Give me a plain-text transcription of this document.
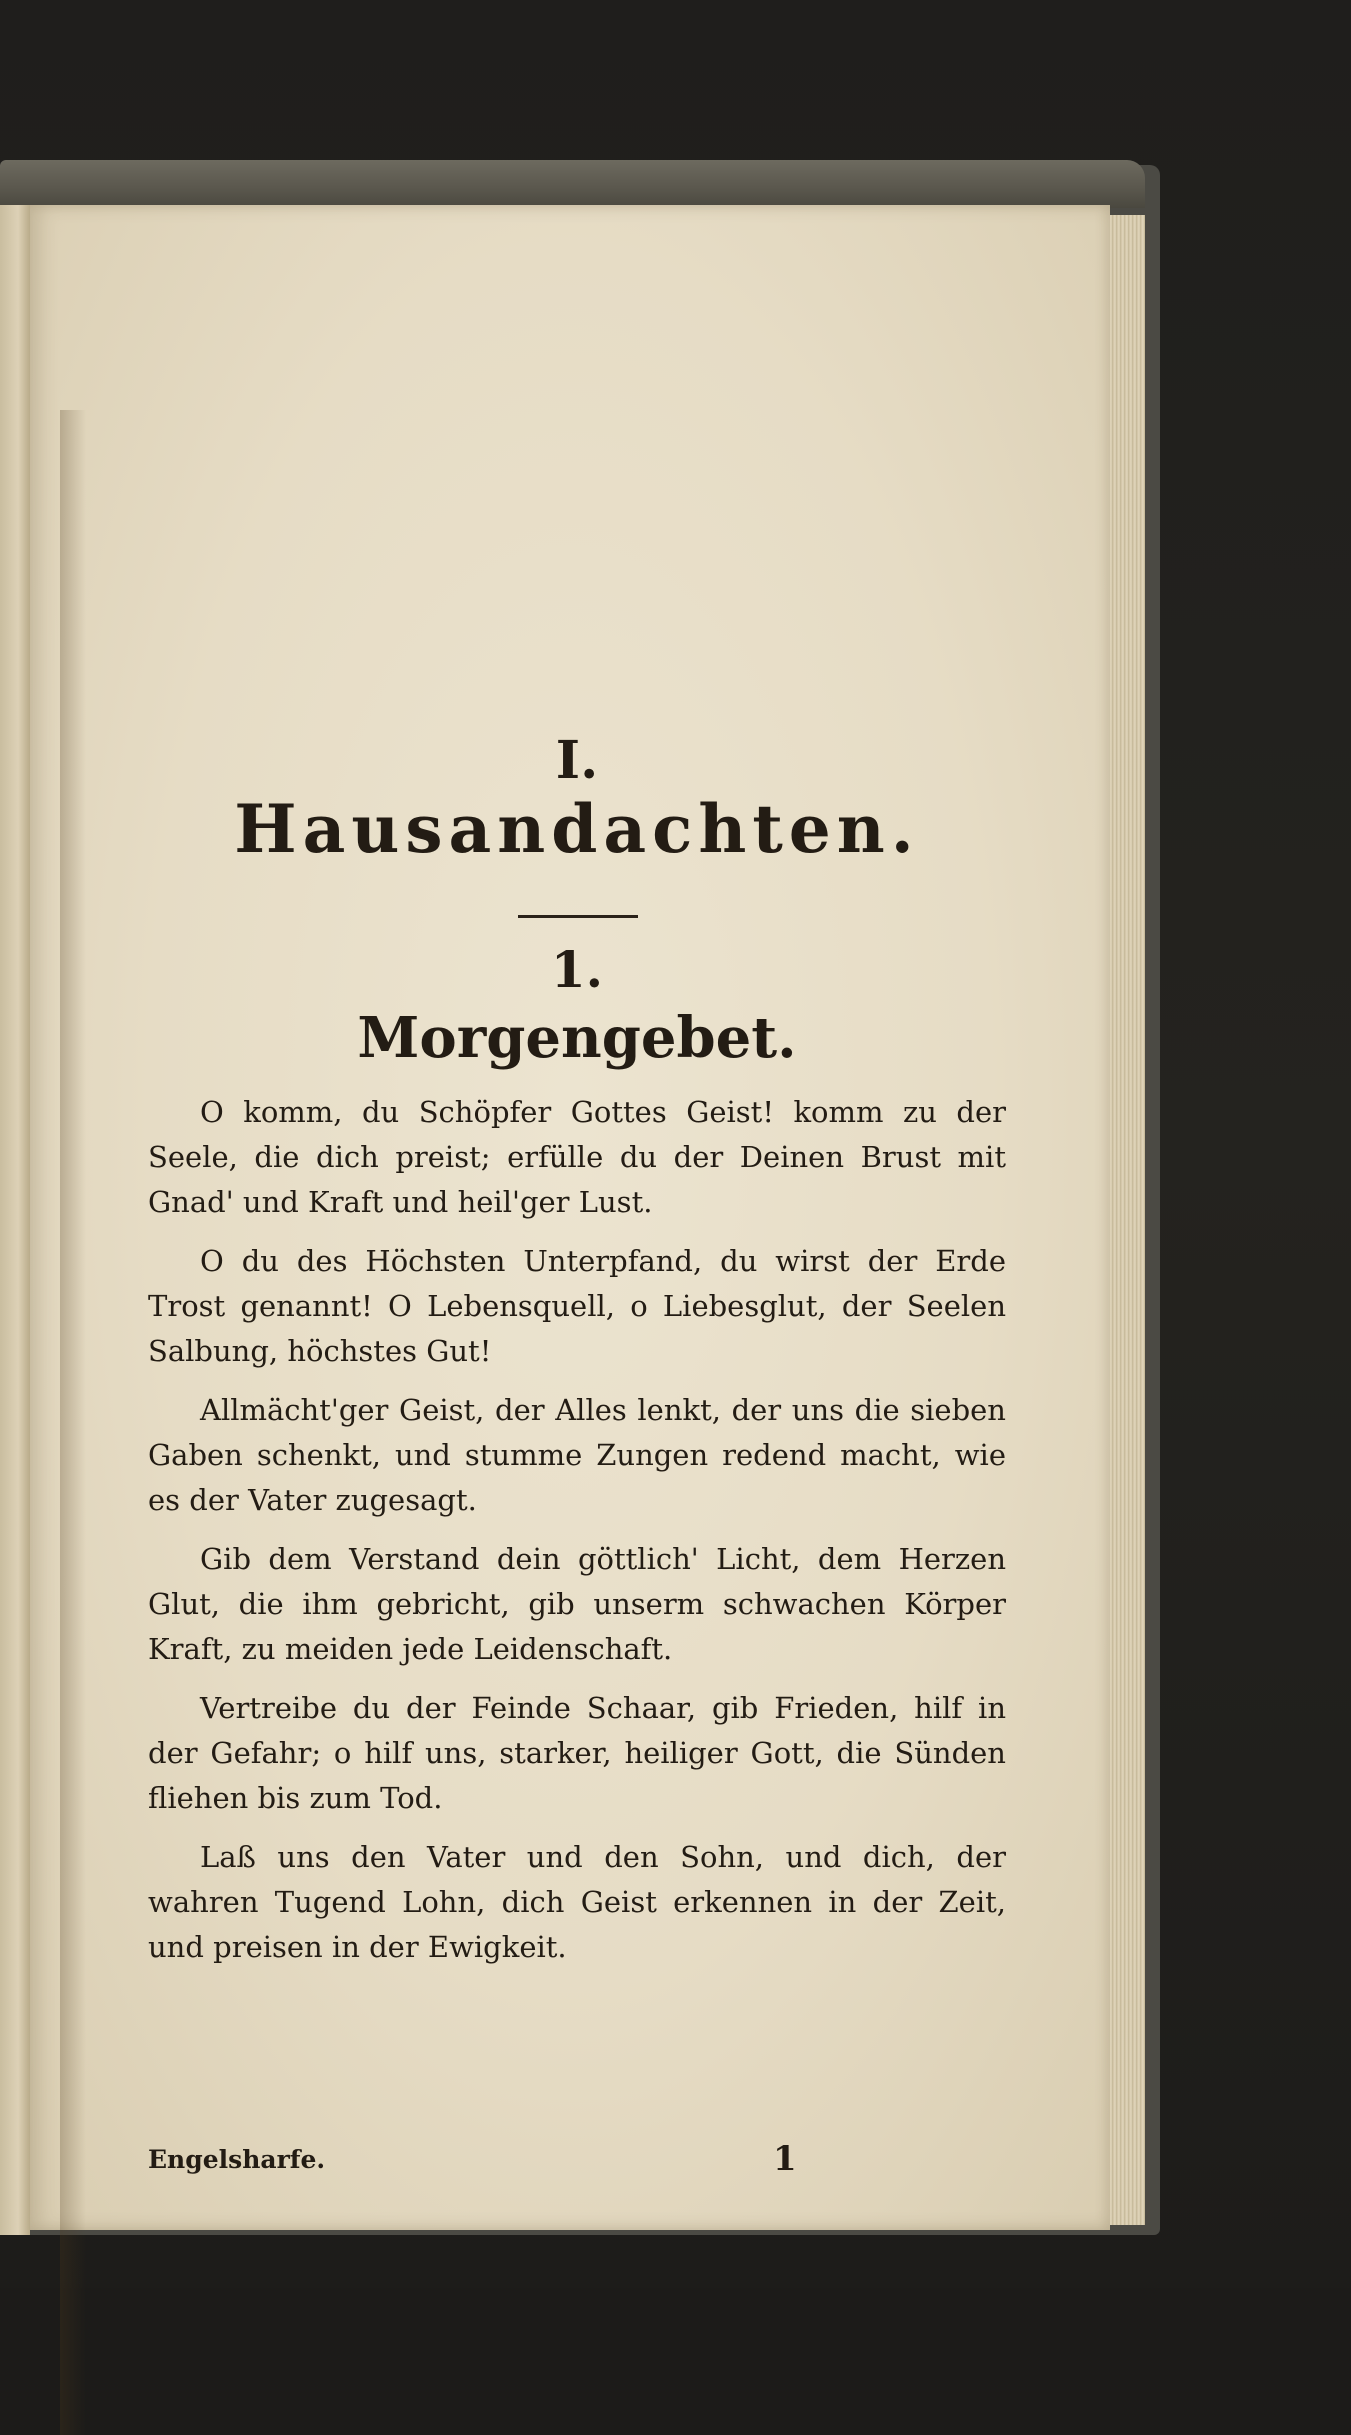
I.
Hausandachten.
1.
Morgengebet.

O komm, du Schöpfer Gottes Geist! komm zu der Seele, die dich preist; erfülle du der Deinen Brust mit Gnad' und Kraft und heil'ger Lust.

O du des Höchsten Unterpfand, du wirst der Erde Trost genannt! O Lebensquell, o Liebesglut, der Seelen Salbung, höchstes Gut!

Allmächt'ger Geist, der Alles lenkt, der uns die sieben Gaben schenkt, und stumme Zungen redend macht, wie es der Vater zugesagt.

Gib dem Verstand dein göttlich' Licht, dem Herzen Glut, die ihm gebricht, gib unserm schwachen Körper Kraft, zu meiden jede Leidenschaft.

Vertreibe du der Feinde Schaar, gib Frieden, hilf in der Gefahr; o hilf uns, starker, heiliger Gott, die Sünden fliehen bis zum Tod.

Laß uns den Vater und den Sohn, und dich, der wahren Tugend Lohn, dich Geist erkennen in der Zeit, und preisen in der Ewigkeit.

Engelsharfe.	1
